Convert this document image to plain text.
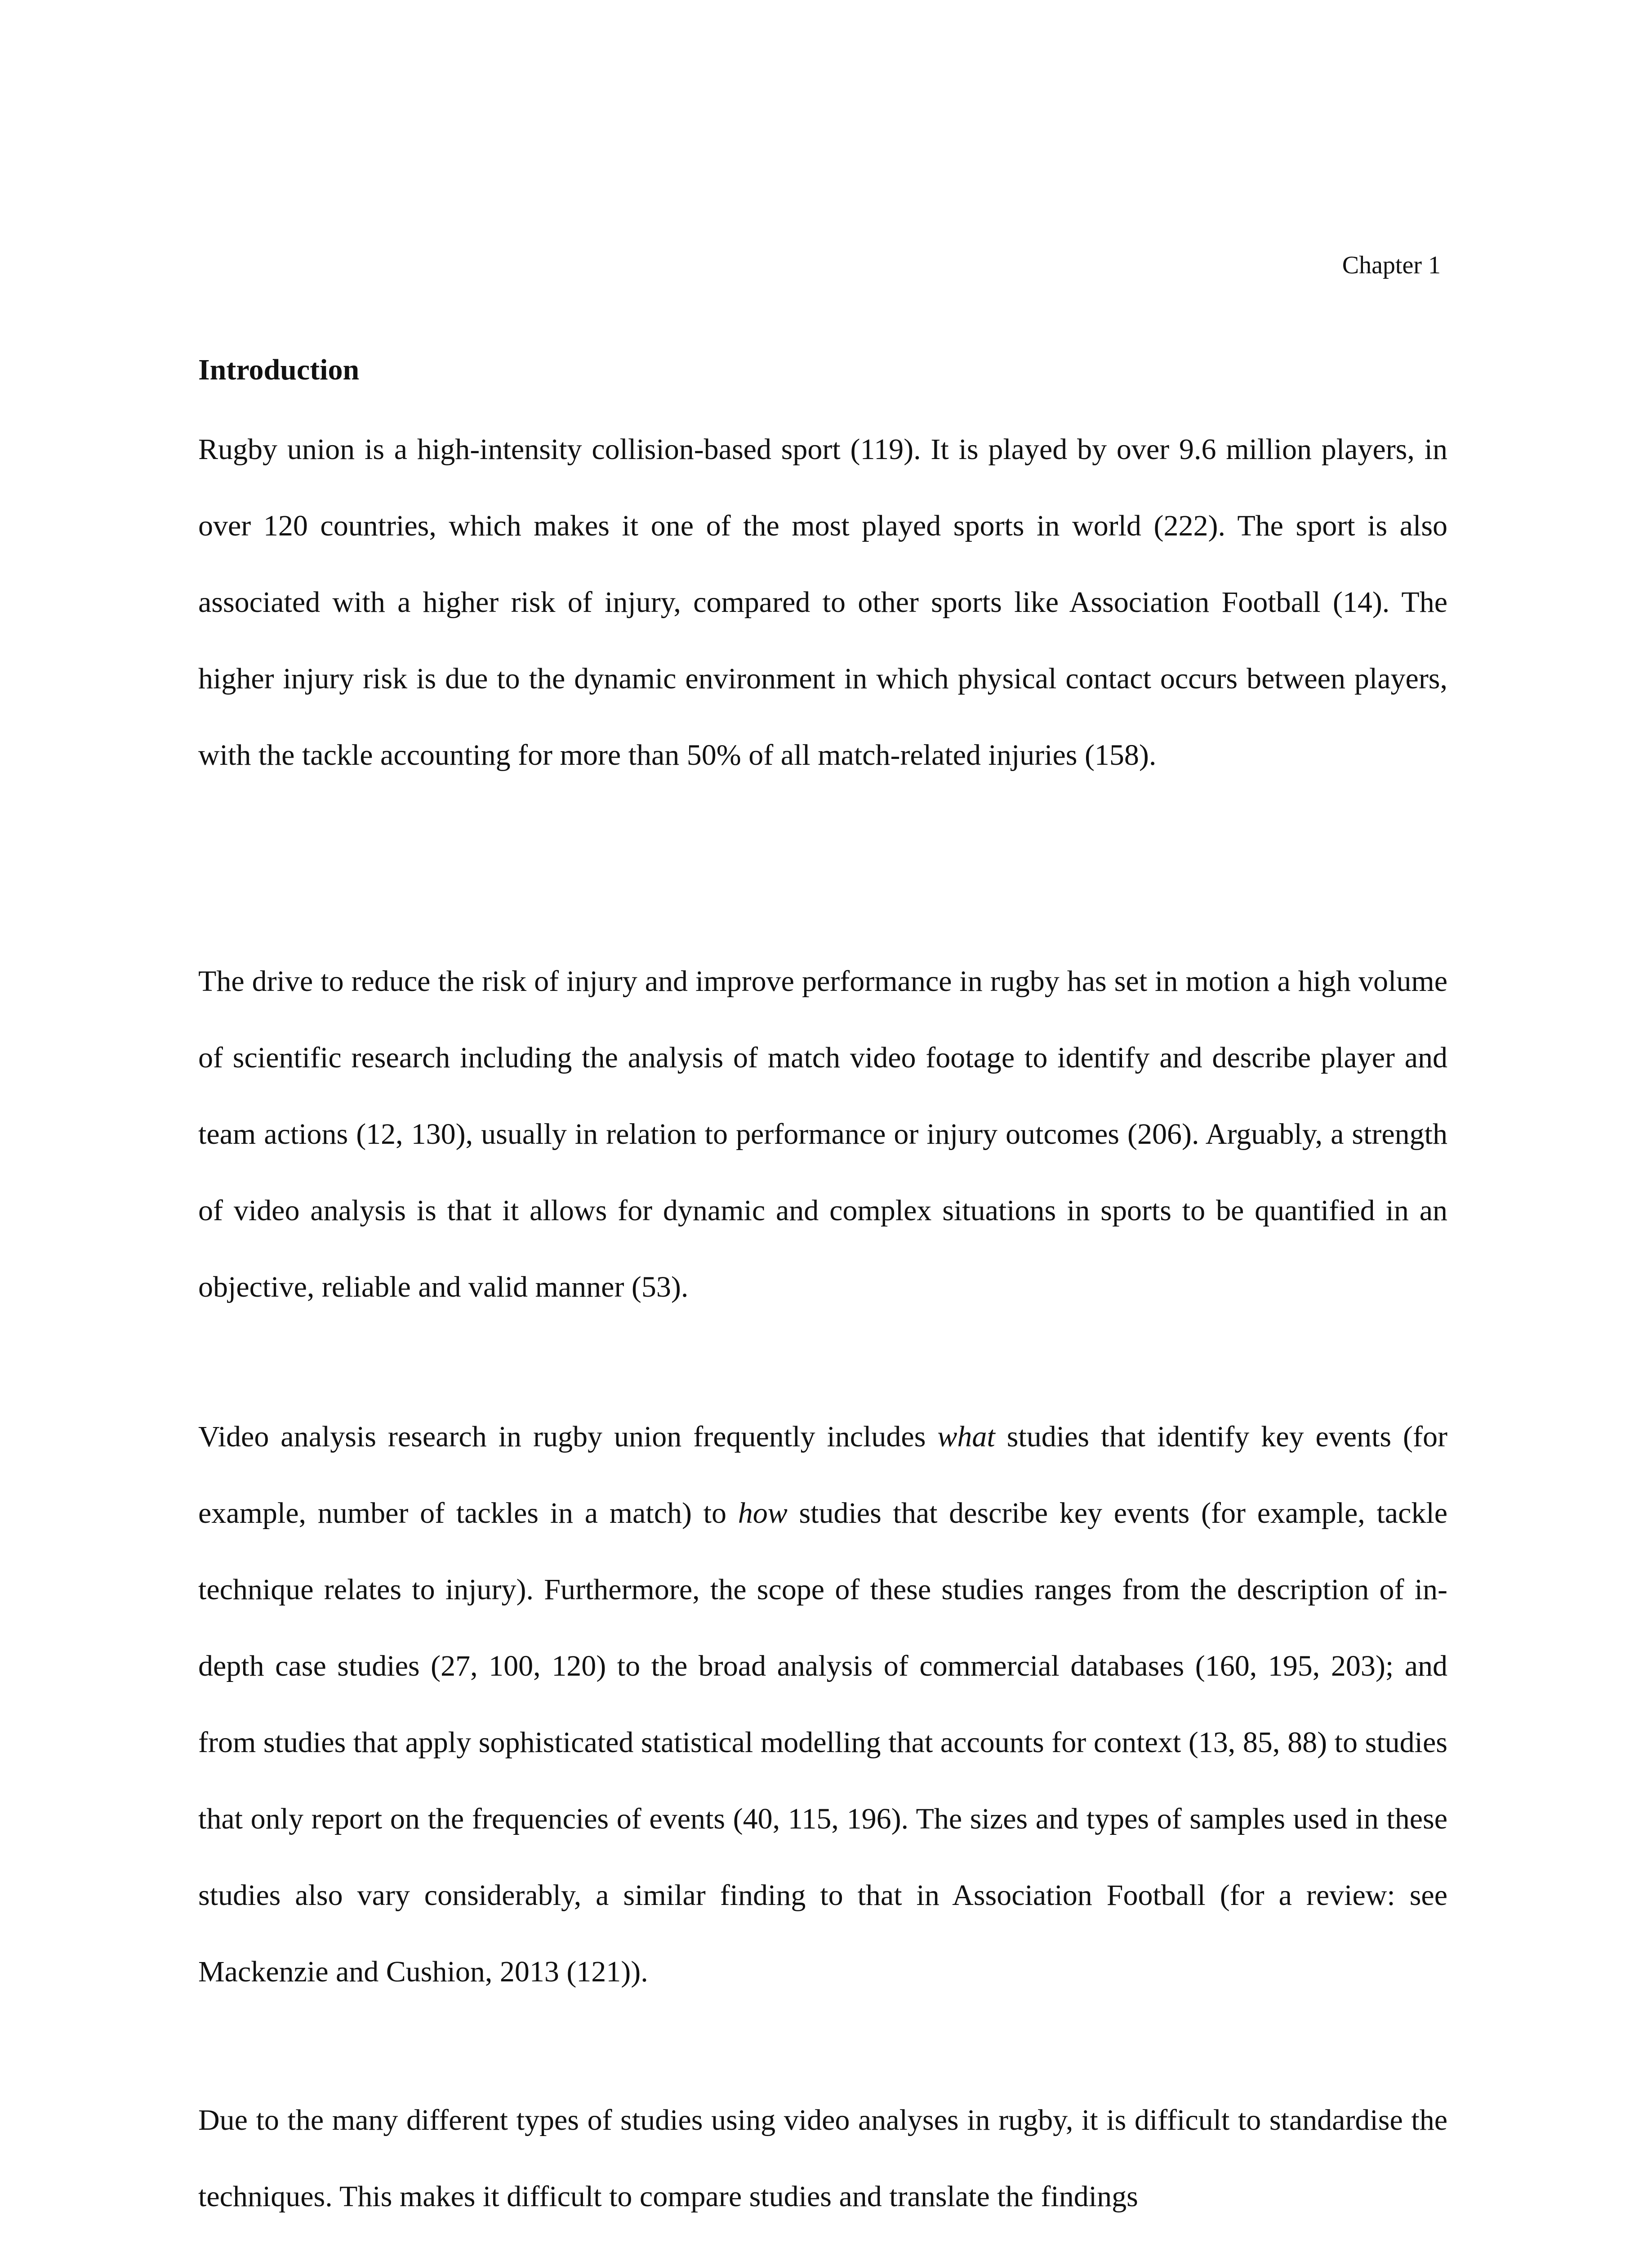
Chapter 1
Introduction

Rugby union is a high-intensity collision-based sport (119). It is played by over 9.6 million players, in over 120 countries, which makes it one of the most played sports in world (222). The sport is also associated with a higher risk of injury, compared to other sports like Association Football (14). The higher injury risk is due to the dynamic environment in which physical contact occurs between players, with the tackle accounting for more than 50% of all match-related injuries (158).

The drive to reduce the risk of injury and improve performance in rugby has set in motion a high volume of scientific research including the analysis of match video footage to identify and describe player and team actions (12, 130), usually in relation to performance or injury outcomes (206). Arguably, a strength of video analysis is that it allows for dynamic and complex situations in sports to be quantified in an objective, reliable and valid manner (53).

Video analysis research in rugby union frequently includes what studies that identify key events (for example, number of tackles in a match) to how studies that describe key events (for example, tackle technique relates to injury). Furthermore, the scope of these studies ranges from the description of in-depth case studies (27, 100, 120) to the broad analysis of commercial databases (160, 195, 203); and from studies that apply sophisticated statistical modelling that accounts for context (13, 85, 88) to studies that only report on the frequencies of events (40, 115, 196). The sizes and types of samples used in these studies also vary considerably, a similar finding to that in Association Football (for a review: see Mackenzie and Cushion, 2013 (121)).

Due to the many different types of studies using video analyses in rugby, it is difficult to standardise the techniques. This makes it difficult to compare studies and translate the findings
